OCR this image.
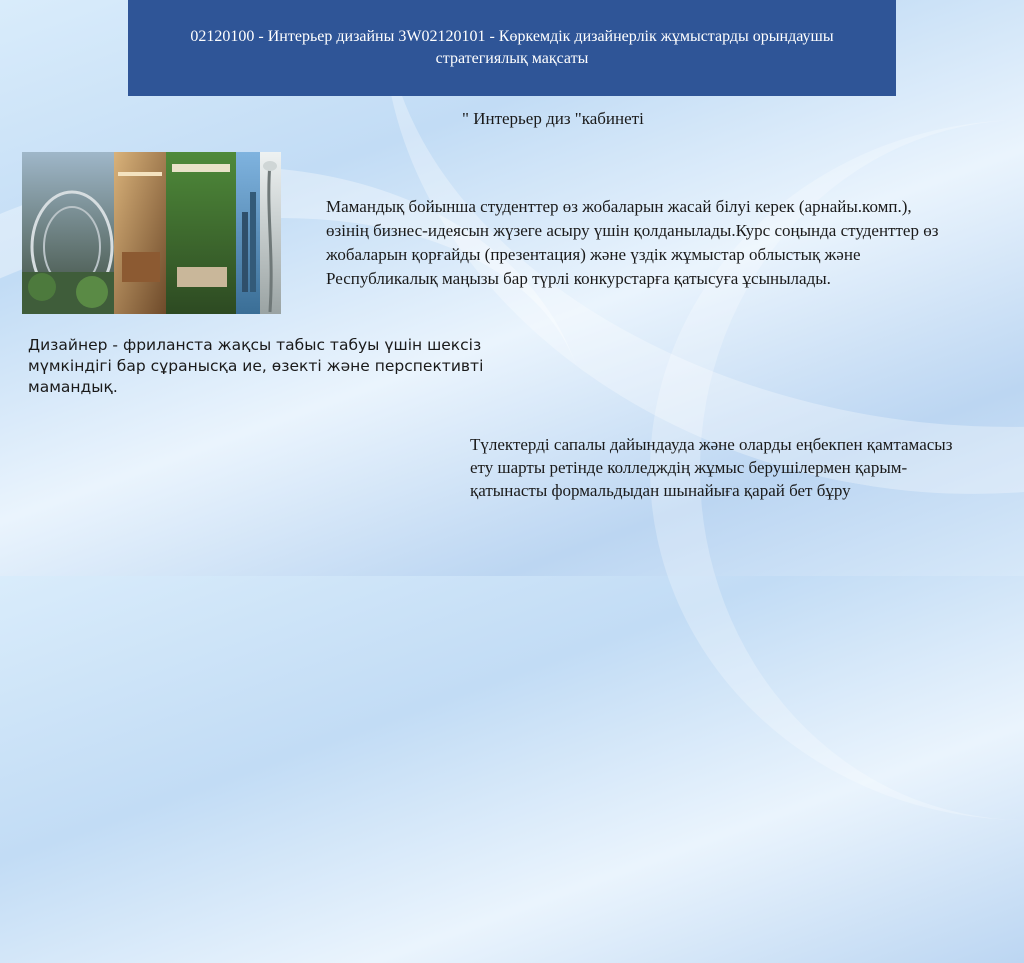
02120100 - Интерьер дизайны 3W02120101 - Көркемдік дизайнерлік жұмыстарды орындаушы стратегиялық мақсаты
" Интерьер диз "кабинеті
Мамандық бойынша студенттер өз жобаларын жасай білуі керек (арнайы.комп.), өзінің бизнес-идеясын жүзеге асыру үшін қолданылады.Курс соңында студенттер өз жобаларын қорғайды (презентация) және үздік жұмыстар облыстық және Республикалық маңызы бар түрлі конкурстарға қатысуға ұсынылады.
Дизайнер - фриланста жақсы табыс табуы үшін шексіз мүмкіндігі бар сұранысқа ие, өзекті және перспективті мамандық.
Түлектерді сапалы дайындауда және оларды еңбекпен қамтамасыз ету шарты ретінде колледждің жұмыс берушілермен қарым-қатынасты формальдыдан шынайыға қарай бет бұру
